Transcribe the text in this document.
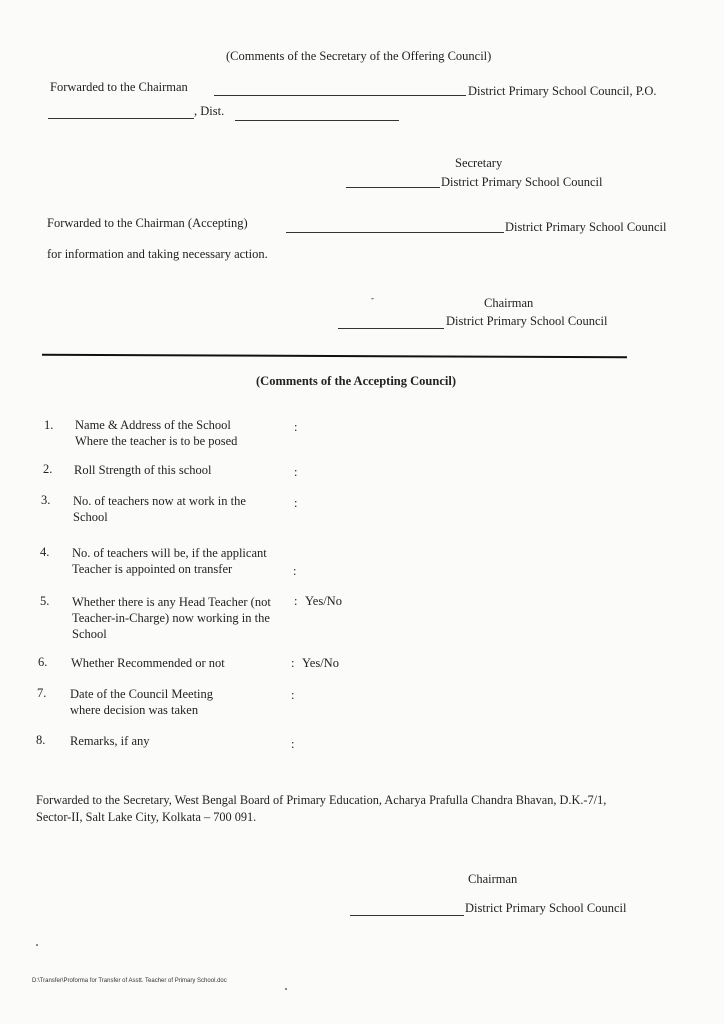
(Comments of the Secretary of the Offering Council)
Forwarded to the Chairman	District Primary School Council, P.O.
, Dist.
Secretary
District Primary School Council
Forwarded to the Chairman (Accepting)	District Primary School Council
for information and taking necessary action.
-	Chairman
District Primary School Council
(Comments of the Accepting Council)
1. Name & Address of the School
Where the teacher is to be posed
:
2. Roll Strength of this school	:
3. No. of teachers now at work in the
School
:
4. No. of teachers will be, if the applicant
Teacher is appointed on transfer	:
5. Whether there is any Head Teacher (not
Teacher-in-Charge) now working in the
School
: Yes/No
6. Whether Recommended or not	: Yes/No
7. Date of the Council Meeting
where decision was taken
:
8. Remarks, if any	:
Forwarded to the Secretary, West Bengal Board of Primary Education, Acharya Prafulla Chandra Bhavan, D.K.-7/1,
Sector-II, Salt Lake City, Kolkata – 700 091.
Chairman
District Primary School Council
D:\Transfer\Proforma for Transfer of Asstt. Teacher of Primary School.doc
